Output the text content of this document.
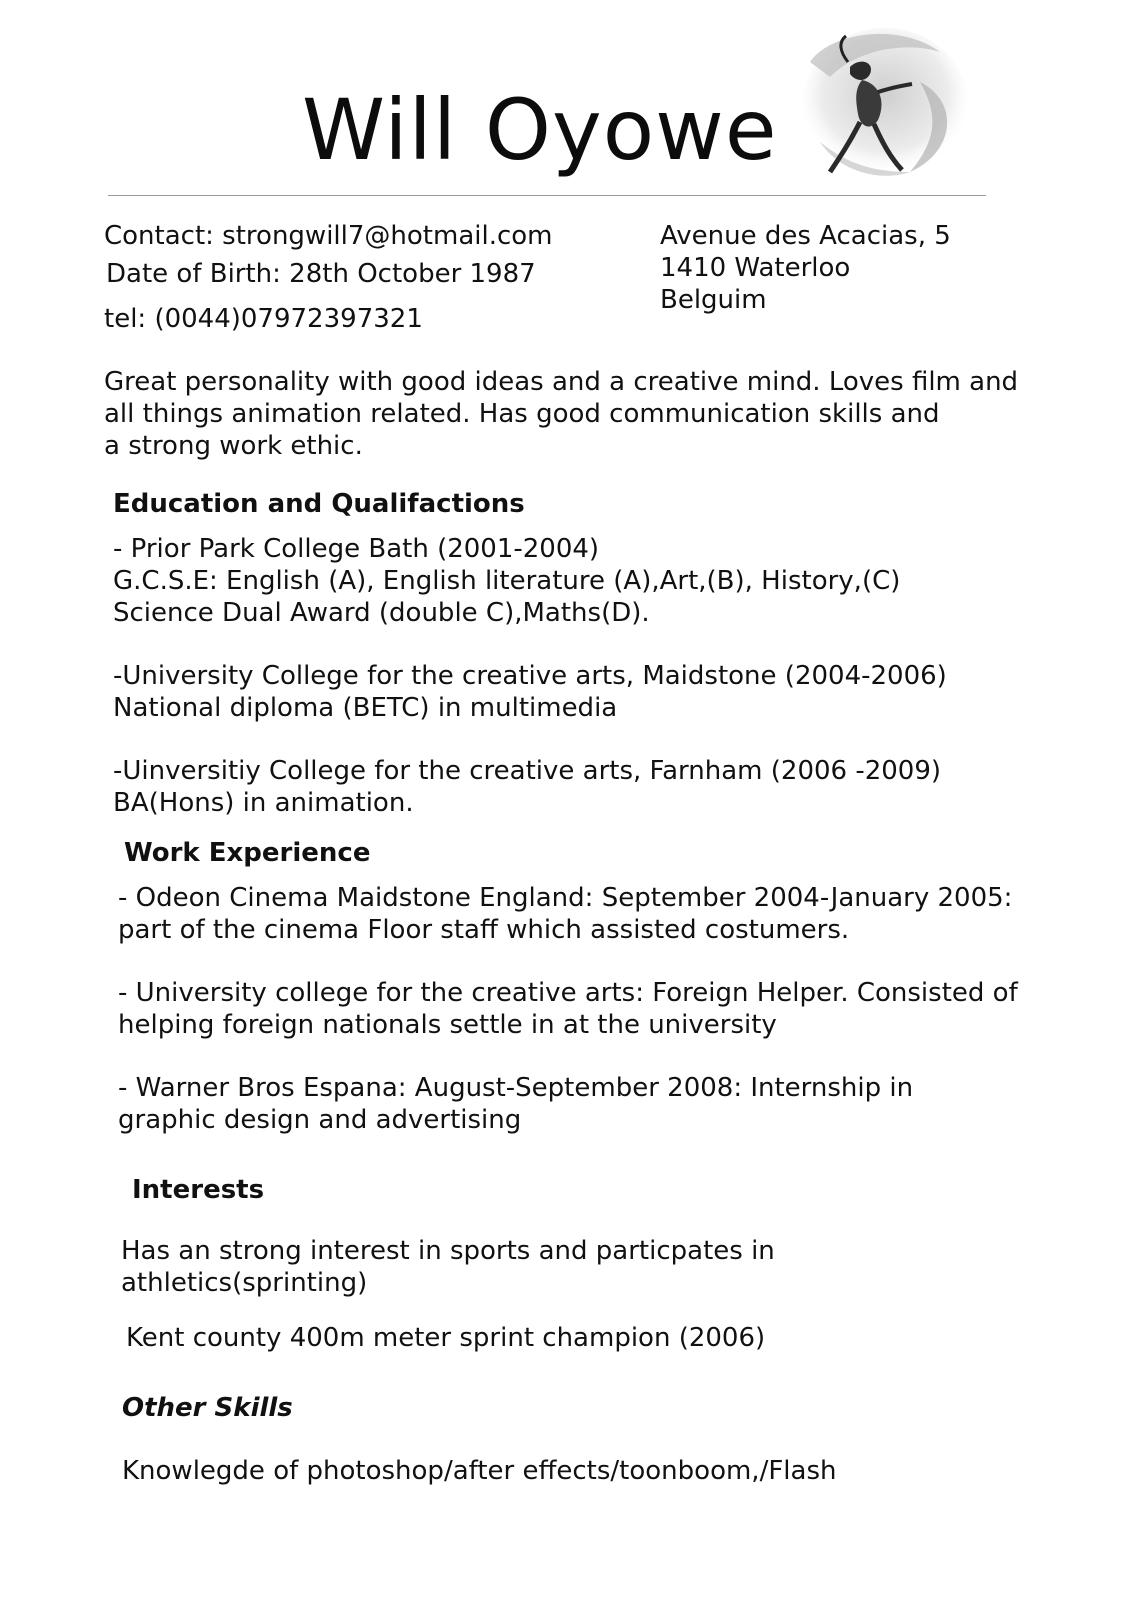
Will Oyowe
Contact: strongwill7@hotmail.com
Date of Birth: 28th October 1987
tel: (0044)07972397321
Avenue des Acacias, 5
1410 Waterloo
Belguim
Great personality with good ideas and a creative mind. Loves film and
all things animation related. Has good communication skills and
a strong work ethic.
Education and Qualifactions
- Prior Park College Bath (2001-2004)
G.C.S.E: English (A), English literature (A),Art,(B), History,(C)
Science Dual Award (double C),Maths(D).
-University College for the creative arts, Maidstone (2004-2006)
National diploma (BETC) in multimedia
-Uinversitiy College for the creative arts, Farnham (2006 -2009)
BA(Hons) in animation.
Work Experience
- Odeon Cinema Maidstone England: September 2004-January 2005:
part of the cinema Floor staff which assisted costumers.
- University college for the creative arts: Foreign Helper. Consisted of
helping foreign nationals settle in at the university
- Warner Bros Espana: August-September 2008: Internship in
graphic design and advertising
Interests
Has an strong interest in sports and particpates in
athletics(sprinting)
Kent county 400m meter sprint champion (2006)
Other Skills
Knowlegde of photoshop/after effects/toonboom,/Flash
